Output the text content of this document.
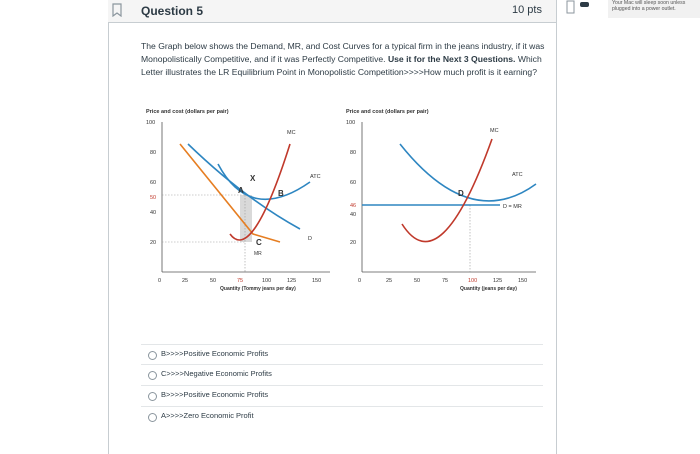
Question 5	10 pts
The Graph below shows the Demand, MR, and Cost Curves for a typical firm in the jeans industry, if it was Monopolistically Competitive, and if it was Perfectly Competitive. Use it for the Next 3 Questions. Which Letter illustrates the LR Equilibrium Point in Monopolistic Competition>>>>How much profit is it earning?
Price and cost (dollars per pair)
100
80
60
50
40
20
0	25	50	75	100	125	150
Quantity (Tommy jeans per day)
MC
ATC
D
MR
A	B
C
X
Price and cost (dollars per pair)
100
80
60
46
40
20
0	25	50	75	100	125	150
Quantity (jeans per day)
MC
ATC
D = MR
D
B>>>>Positive Economic Profits
C>>>>Negative Economic Profits
B>>>>Positive Economic Profits
A>>>>Zero Economic Profit
Your Mac will sleep soon unless plugged into a power outlet.
